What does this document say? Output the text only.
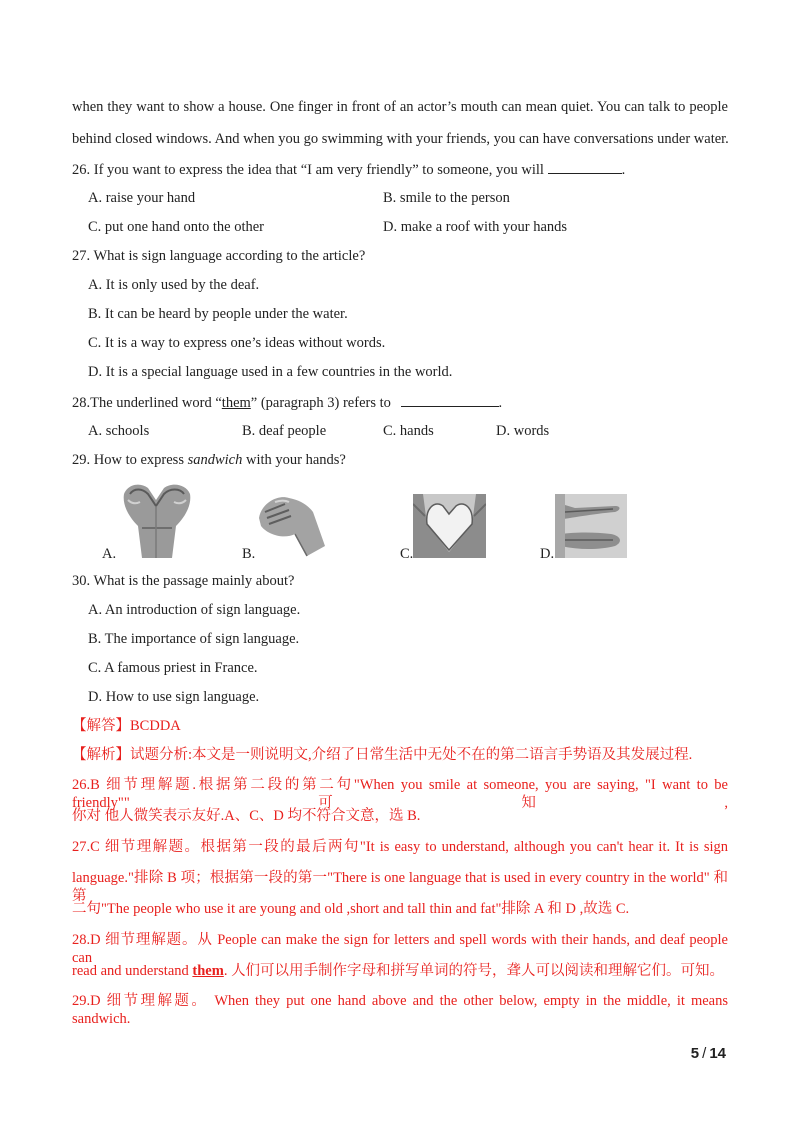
when they want to show a house. One finger in front of an actor’s mouth can mean quiet. You can talk to people
behind closed windows. And when you go swimming with your friends, you can have conversations under water.
26. If you want to express the idea that “I am very friendly” to someone, you will	.
A. raise your hand	B. smile to the person
C. put one hand onto the other	D. make a roof with your hands
27. What is sign language according to the article?
A. It is only used by the deaf.
B. It can be heard by people under the water.
C. It is a way to express one’s ideas without words.
D. It is a special language used in a few countries in the world.
28.The underlined word “them” (paragraph 3) refers to	.
A. schools	B. deaf people	C. hands	D. words
29. How to express sandwich with your hands?
A.	B.	C.	D.
30. What is the passage mainly about?
A. An introduction of sign language.
B. The importance of sign language.
C. A famous priest in France.
D. How to use sign language.
【解答】BCDDA
【解析】试题分析:本文是一则说明文,介绍了日常生活中无处不在的第二语言手势语及其发展过程.
26.B 细节理解题.根据第二段的第二句"When you smile at someone, you are saying, "I want to be friendly""可知,
你对 他人微笑表示友好.A、C、D 均不符合文意，选 B.
27.C 细节理解题。根据第一段的最后两句"It is easy to understand, although you can't hear it. It is sign
language."排除 B 项；根据第一段的第一"There is one language that is used in every country in the world" 和第
二句"The people who use it are young and old ,short and tall thin and fat"排除 A 和 D ,故选 C.
28.D 细节理解题。从 People can make the sign for letters and spell words with their hands, and deaf people can
read and understand them. 人们可以用手制作字母和拼写单词的符号，聋人可以阅读和理解它们。可知。
29.D 细节理解题。 When they put one hand above and the other below, empty in the middle, it means sandwich.
5 / 14
